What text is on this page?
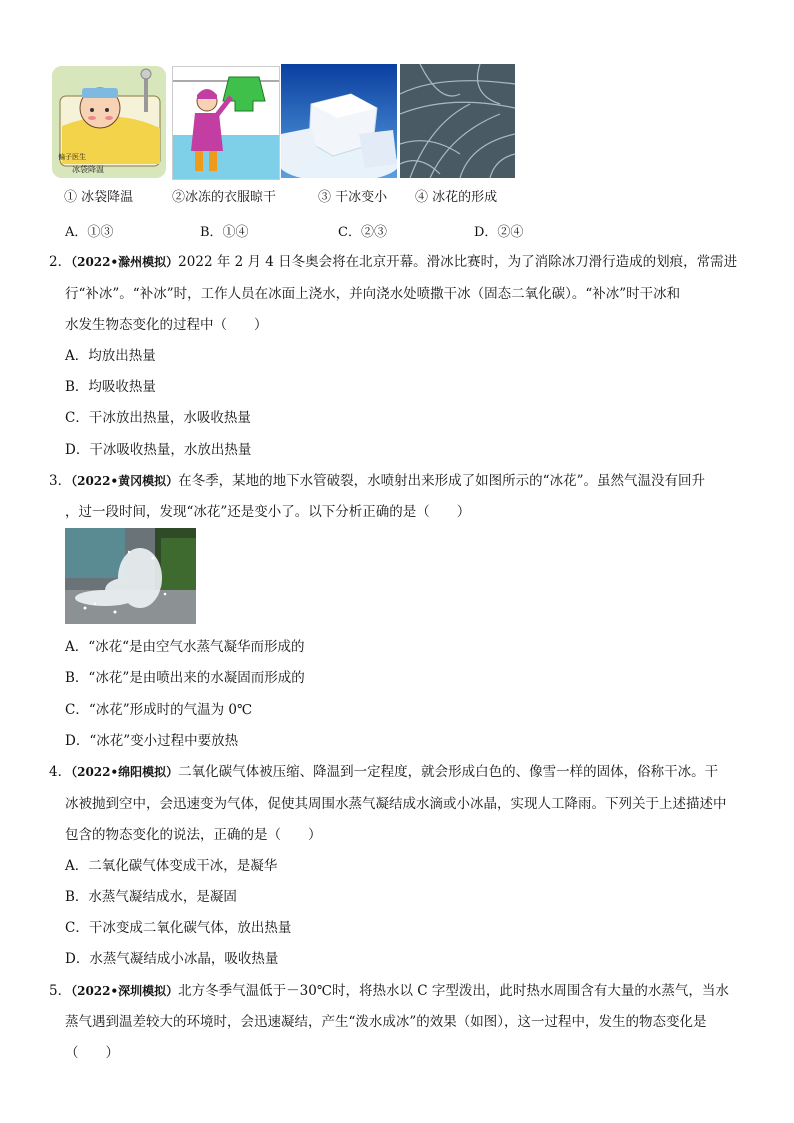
偏子医生
冰袋降温
① 冰袋降温	②冰冻的衣服晾干	③ 干冰变小 ④ 冰花的形成
A．①③	B．①④	C．②③	D．②④
2．（2022•滁州模拟）2022 年 2 月 4 日冬奥会将在北京开幕。滑冰比赛时，为了消除冰刀滑行造成的划痕，常需进
行“补冰”。“补冰”时，工作人员在冰面上浇水，并向浇水处喷撒干冰（固态二氧化碳）。“补冰”时干冰和
水发生物态变化的过程中（　　）
A．均放出热量
B．均吸收热量
C．干冰放出热量，水吸收热量
D．干冰吸收热量，水放出热量
3．（2022•黄冈模拟）在冬季，某地的地下水管破裂，水喷射出来形成了如图所示的“冰花”。虽然气温没有回升
，过一段时间，发现“冰花”还是变小了。以下分析正确的是（　　）
A．“冰花“是由空气水蒸气凝华而形成的
B．“冰花”是由喷出来的水凝固而形成的
C．“冰花”形成时的气温为 0℃
D．“冰花”变小过程中要放热
4．（2022•绵阳模拟）二氧化碳气体被压缩、降温到一定程度，就会形成白色的、像雪一样的固体，俗称干冰。干
冰被抛到空中，会迅速变为气体，促使其周围水蒸气凝结成水滴或小冰晶，实现人工降雨。下列关于上述描述中
包含的物态变化的说法，正确的是（　　）
A．二氧化碳气体变成干冰，是凝华
B．水蒸气凝结成水，是凝固
C．干冰变成二氧化碳气体，放出热量
D．水蒸气凝结成小冰晶，吸收热量
5．（2022•深圳模拟）北方冬季气温低于－30℃时，将热水以 C 字型泼出，此时热水周围含有大量的水蒸气，当水
蒸气遇到温差较大的环境时，会迅速凝结，产生“泼水成冰”的效果（如图），这一过程中，发生的物态变化是
（　　）
